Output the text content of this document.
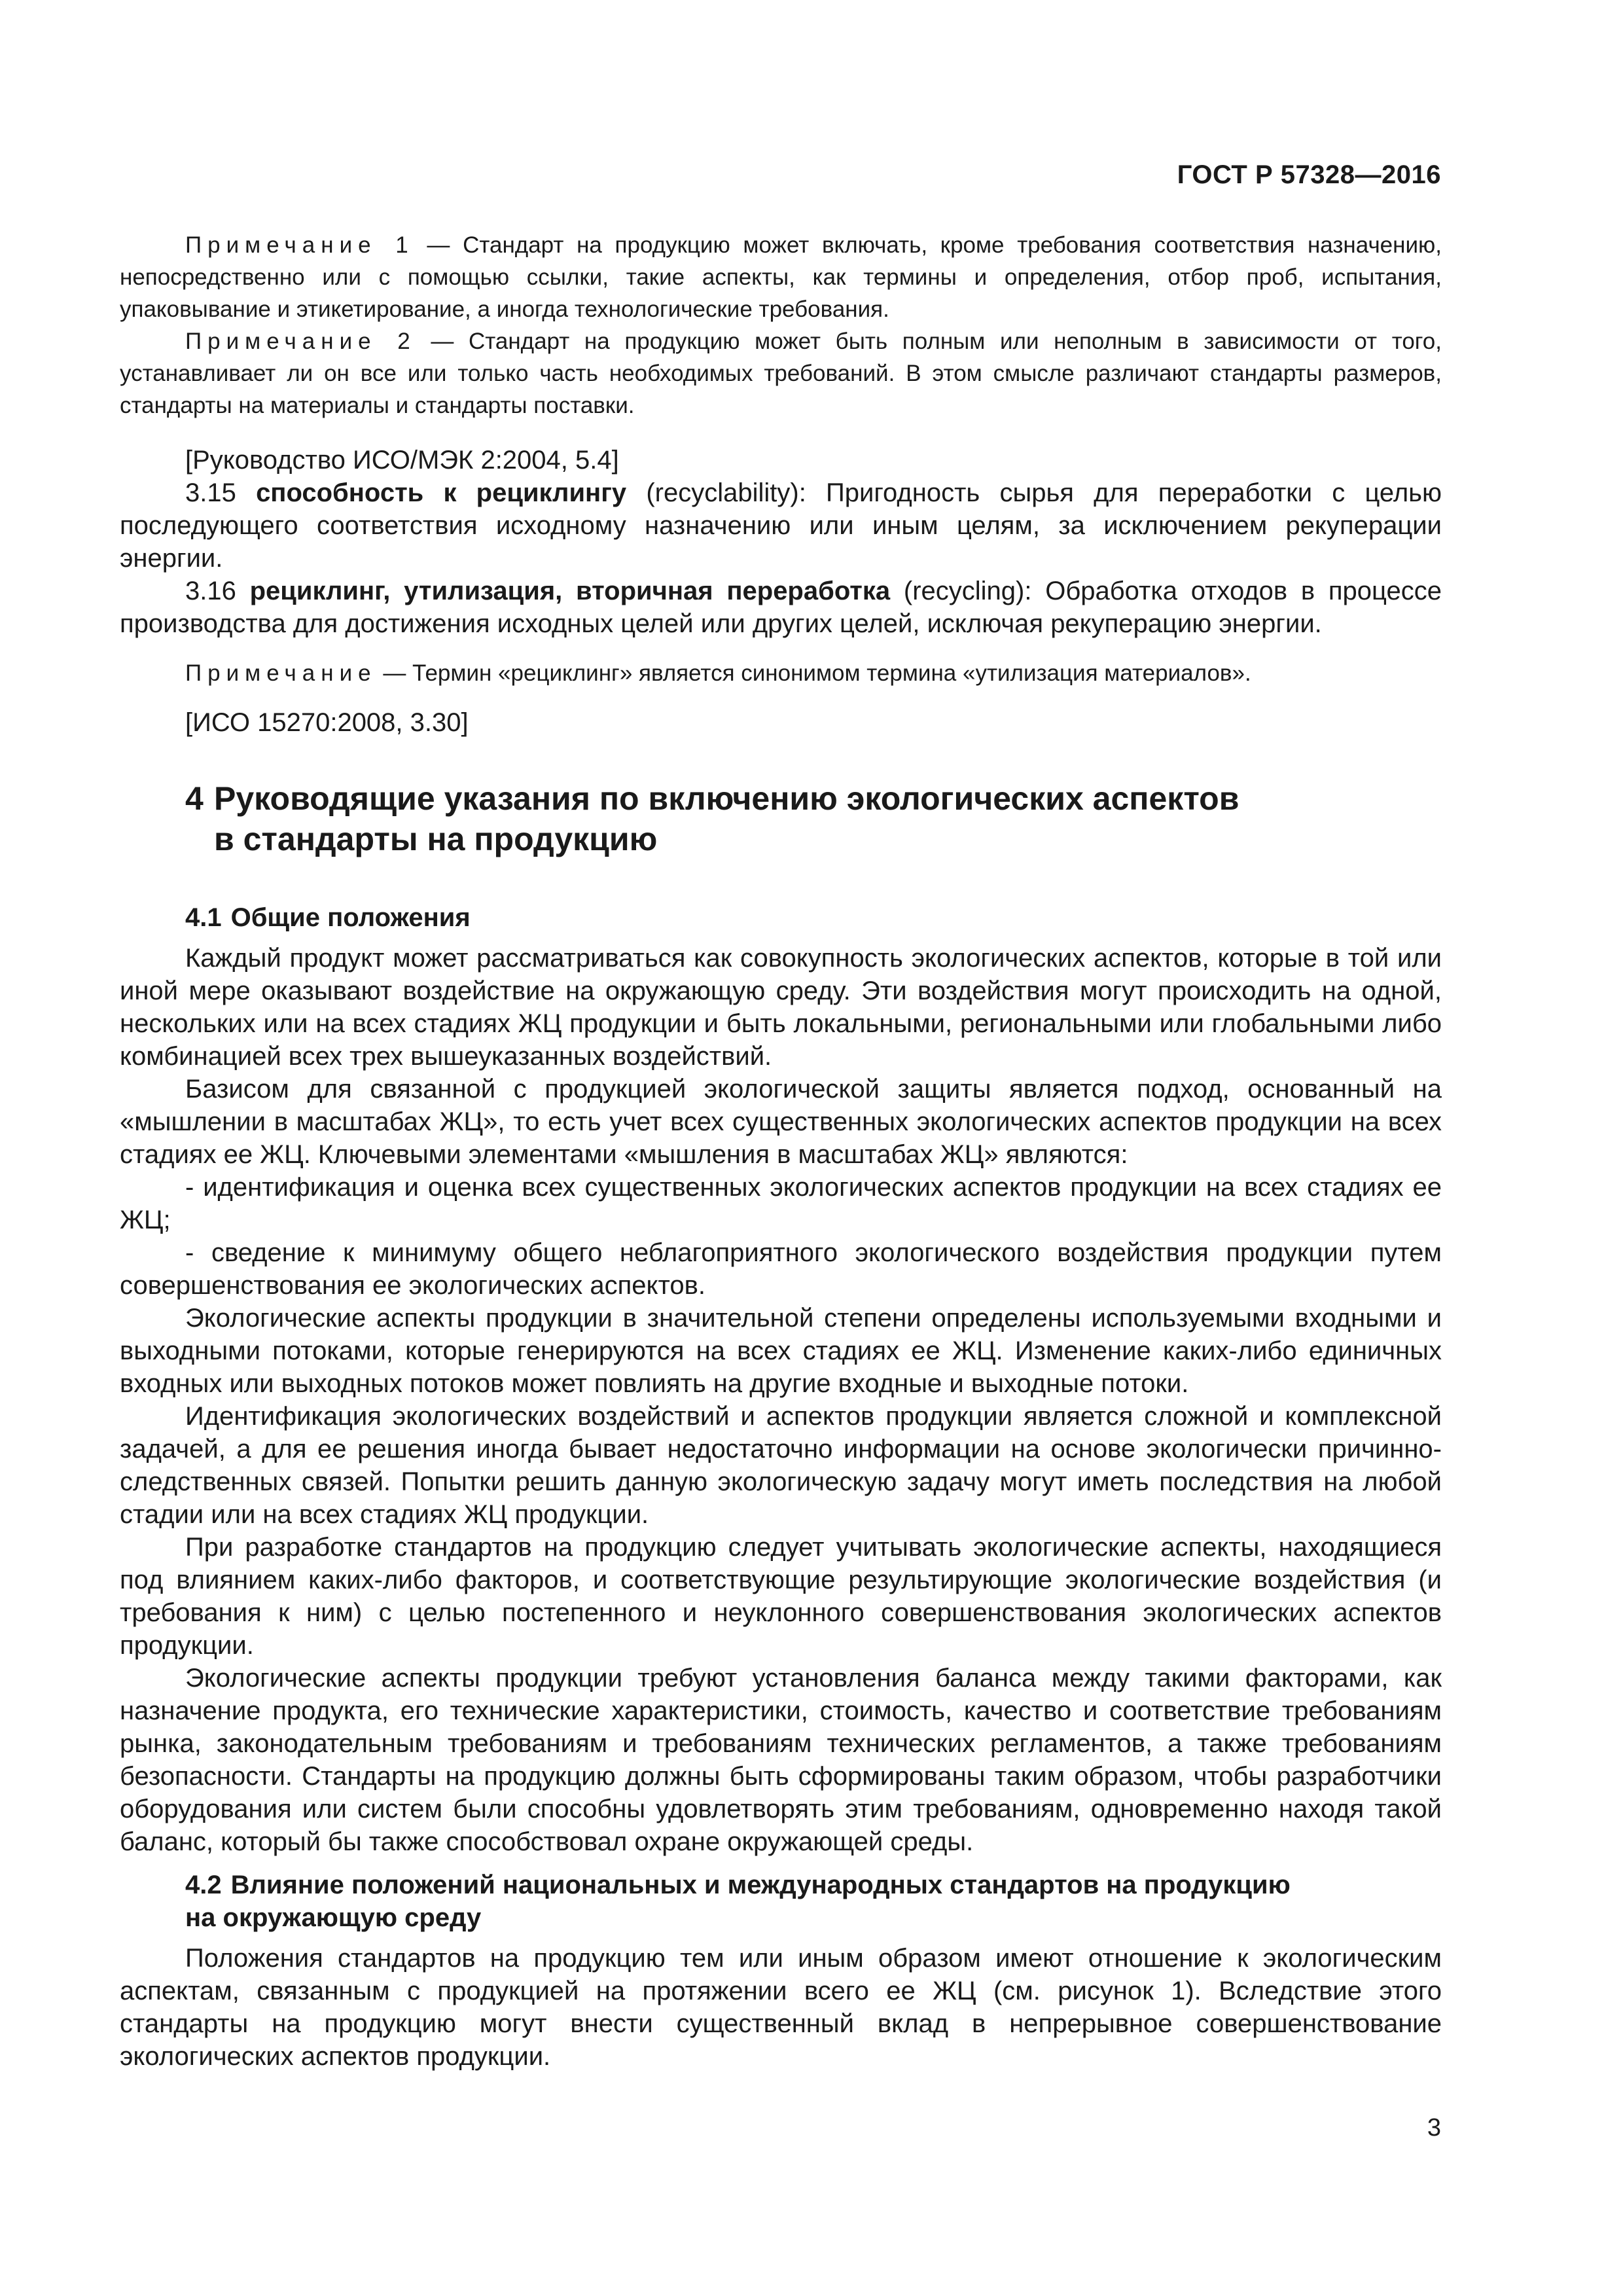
ГОСТ Р 57328—2016

Примечание 1 — Стандарт на продукцию может включать, кроме требования соответствия назначению, непосредственно или с помощью ссылки, такие аспекты, как термины и определения, отбор проб, испытания, упаковывание и этикетирование, а иногда технологические требования.

Примечание 2 — Стандарт на продукцию может быть полным или неполным в зависимости от того, устанавливает ли он все или только часть необходимых требований. В этом смысле различают стандарты размеров, стандарты на материалы и стандарты поставки.

[Руководство ИСО/МЭК 2:2004, 5.4]

3.15 способность к рециклингу (recyclability): Пригодность сырья для переработки с целью последующего соответствия исходному назначению или иным целям, за исключением рекуперации энергии.

3.16 рециклинг, утилизация, вторичная переработка (recycling): Обработка отходов в процессе производства для достижения исходных целей или других целей, исключая рекуперацию энергии.

Примечание — Термин «рециклинг» является синонимом термина «утилизация материалов».

[ИСО 15270:2008, 3.30]

4 Руководящие указания по включению экологических аспектов
в стандарты на продукцию
4.1 Общие положения

Каждый продукт может рассматриваться как совокупность экологических аспектов, которые в той или иной мере оказывают воздействие на окружающую среду. Эти воздействия могут происходить на одной, нескольких или на всех стадиях ЖЦ продукции и быть локальными, региональными или глобальными либо комбинацией всех трех вышеуказанных воздействий.

Базисом для связанной с продукцией экологической защиты является подход, основанный на «мышлении в масштабах ЖЦ», то есть учет всех существенных экологических аспектов продукции на всех стадиях ее ЖЦ. Ключевыми элементами «мышления в масштабах ЖЦ» являются:

- идентификация и оценка всех существенных экологических аспектов продукции на всех стадиях ее ЖЦ;

- сведение к минимуму общего неблагоприятного экологического воздействия продукции путем совершенствования ее экологических аспектов.

Экологические аспекты продукции в значительной степени определены используемыми входными и выходными потоками, которые генерируются на всех стадиях ее ЖЦ. Изменение каких-либо единичных входных или выходных потоков может повлиять на другие входные и выходные потоки.

Идентификация экологических воздействий и аспектов продукции является сложной и комплексной задачей, а для ее решения иногда бывает недостаточно информации на основе экологически причинно-следственных связей. Попытки решить данную экологическую задачу могут иметь последствия на любой стадии или на всех стадиях ЖЦ продукции.

При разработке стандартов на продукцию следует учитывать экологические аспекты, находящиеся под влиянием каких-либо факторов, и соответствующие результирующие экологические воздействия (и требования к ним) с целью постепенного и неуклонного совершенствования экологических аспектов продукции.

Экологические аспекты продукции требуют установления баланса между такими факторами, как назначение продукта, его технические характеристики, стоимость, качество и соответствие требованиям рынка, законодательным требованиям и требованиям технических регламентов, а также требованиям безопасности. Стандарты на продукцию должны быть сформированы таким образом, чтобы разработчики оборудования или систем были способны удовлетворять этим требованиям, одновременно находя такой баланс, который бы также способствовал охране окружающей среды.

4.2 Влияние положений национальных и международных стандартов на продукцию
на окружающую среду

Положения стандартов на продукцию тем или иным образом имеют отношение к экологическим аспектам, связанным с продукцией на протяжении всего ее ЖЦ (см. рисунок 1). Вследствие этого стандарты на продукцию могут внести существенный вклад в непрерывное совершенствование экологических аспектов продукции.

3
